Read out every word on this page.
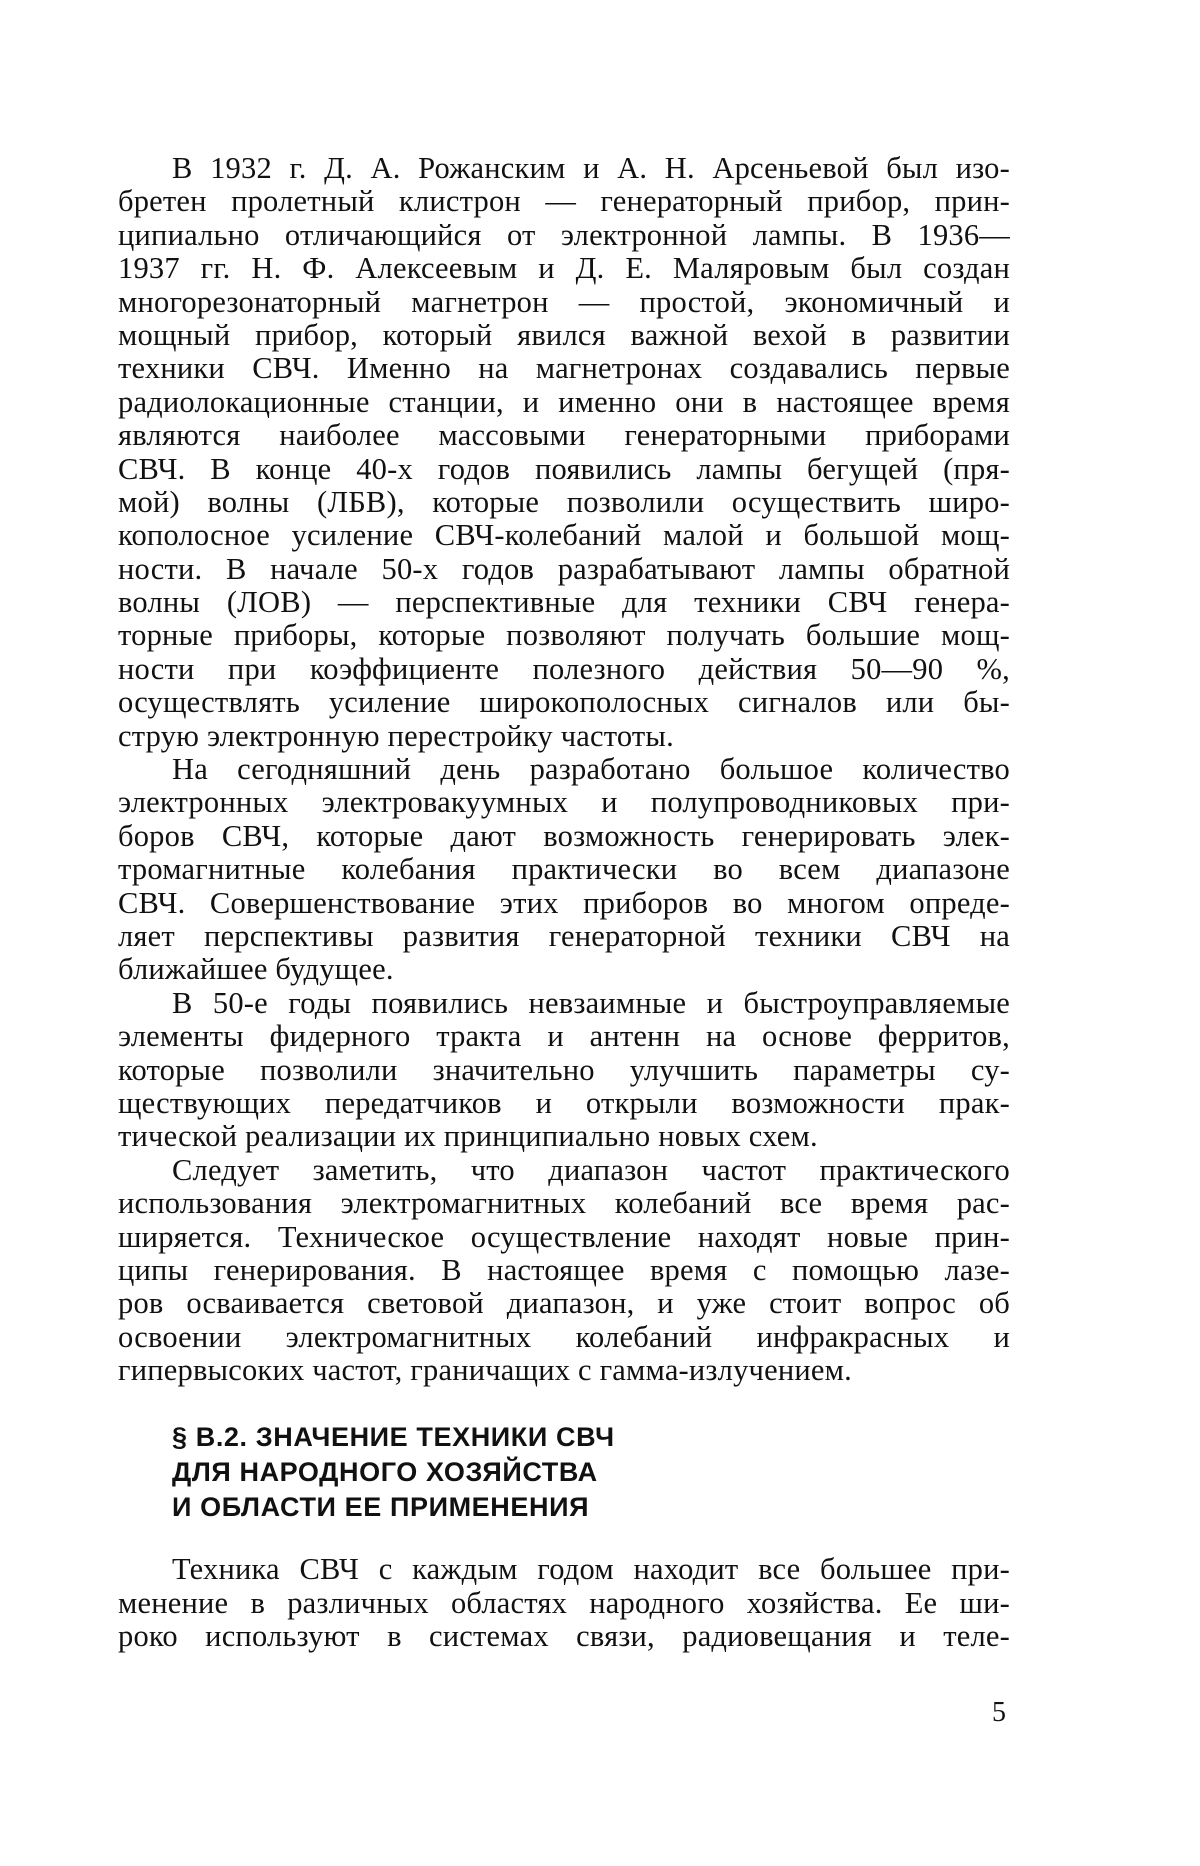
В 1932 г. Д. А. Рожанским и А. Н. Арсеньевой был изо-
бретен пролетный клистрон — генераторный прибор, прин-
ципиально отличающийся от электронной лампы. В 1936—
1937 гг. Н. Ф. Алексеевым и Д. Е. Маляровым был создан
многорезонаторный магнетрон — простой, экономичный и
мощный прибор, который явился важной вехой в развитии
техники СВЧ. Именно на магнетронах создавались первые
радиолокационные станции, и именно они в настоящее время
являются наиболее массовыми генераторными приборами
СВЧ. В конце 40-х годов появились лампы бегущей (пря-
мой) волны (ЛБВ), которые позволили осуществить широ-
кополосное усиление СВЧ-колебаний малой и большой мощ-
ности. В начале 50-х годов разрабатывают лампы обратной
волны (ЛОВ) — перспективные для техники СВЧ генера-
торные приборы, которые позволяют получать большие мощ-
ности при коэффициенте полезного действия 50—90 %,
осуществлять усиление широкополосных сигналов или бы-
струю электронную перестройку частоты.
На сегодняшний день разработано большое количество
электронных электровакуумных и полупроводниковых при-
боров СВЧ, которые дают возможность генерировать элек-
тромагнитные колебания практически во всем диапазоне
СВЧ. Совершенствование этих приборов во многом опреде-
ляет перспективы развития генераторной техники СВЧ на
ближайшее будущее.
В 50-е годы появились невзаимные и быстроуправляемые
элементы фидерного тракта и антенн на основе ферритов,
которые позволили значительно улучшить параметры су-
ществующих передатчиков и открыли возможности прак-
тической реализации их принципиально новых схем.
Следует заметить, что диапазон частот практического
использования электромагнитных колебаний все время рас-
ширяется. Техническое осуществление находят новые прин-
ципы генерирования. В настоящее время с помощью лазе-
ров осваивается световой диапазон, и уже стоит вопрос об
освоении электромагнитных колебаний инфракрасных и
гипервысоких частот, граничащих с гамма-излучением.
§ В.2. ЗНАЧЕНИЕ ТЕХНИКИ СВЧ
ДЛЯ НАРОДНОГО ХОЗЯЙСТВА
И ОБЛАСТИ ЕЕ ПРИМЕНЕНИЯ
Техника СВЧ с каждым годом находит все большее при-
менение в различных областях народного хозяйства. Ее ши-
роко используют в системах связи, радиовещания и теле-
5
